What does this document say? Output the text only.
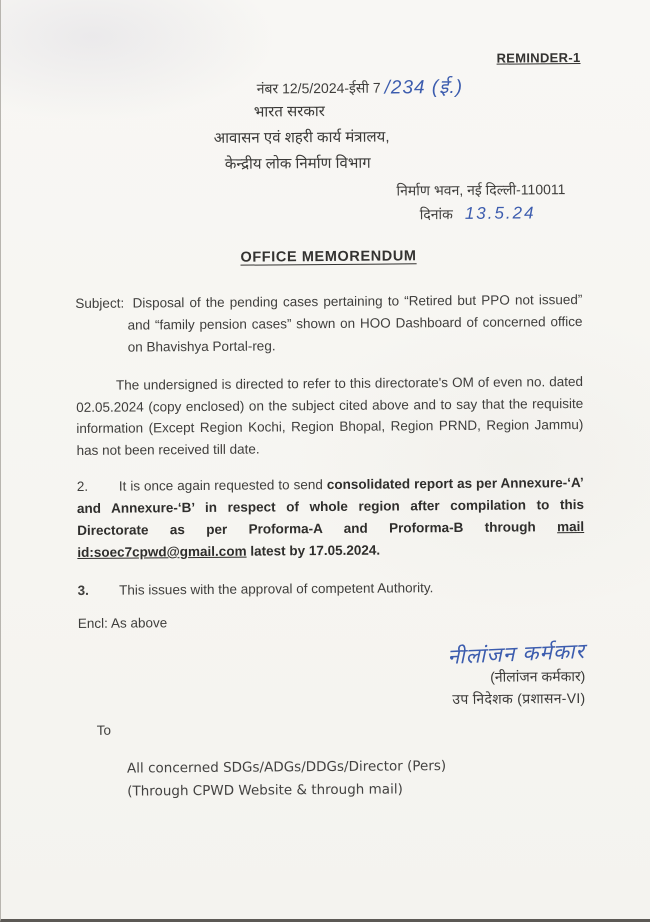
REMINDER-1
नंबर 12/5/2024-ईसी 7 /234 (ई.)
भारत सरकार
आवासन एवं शहरी कार्य मंत्रालय,
केन्द्रीय लोक निर्माण विभाग
निर्माण भवन, नई दिल्ली-110011
दिनांक 13.5.24
OFFICE MEMORENDUM

Subject: Disposal of the pending cases pertaining to “Retired but PPO not issued” and “family pension cases” shown on HOO Dashboard of concerned office on Bhavishya Portal-reg.

The undersigned is directed to refer to this directorate's OM of even no. dated 02.05.2024 (copy enclosed) on the subject cited above and to say that the requisite information (Except Region Kochi, Region Bhopal, Region PRND, Region Jammu) has not been received till date.

2. It is once again requested to send consolidated report as per Annexure-‘A’ and Annexure-‘B’ in respect of whole region after compilation to this Directorate as per Proforma-A and Proforma-B through mail id:soec7cpwd@gmail.com latest by 17.05.2024.

3. This issues with the approval of competent Authority.

Encl: As above
नीलांजन कर्मकार
(नीलांजन कर्मकार)
उप निदेशक (प्रशासन-VI)
To
All concerned SDGs/ADGs/DDGs/Director (Pers)
(Through CPWD Website & through mail)
